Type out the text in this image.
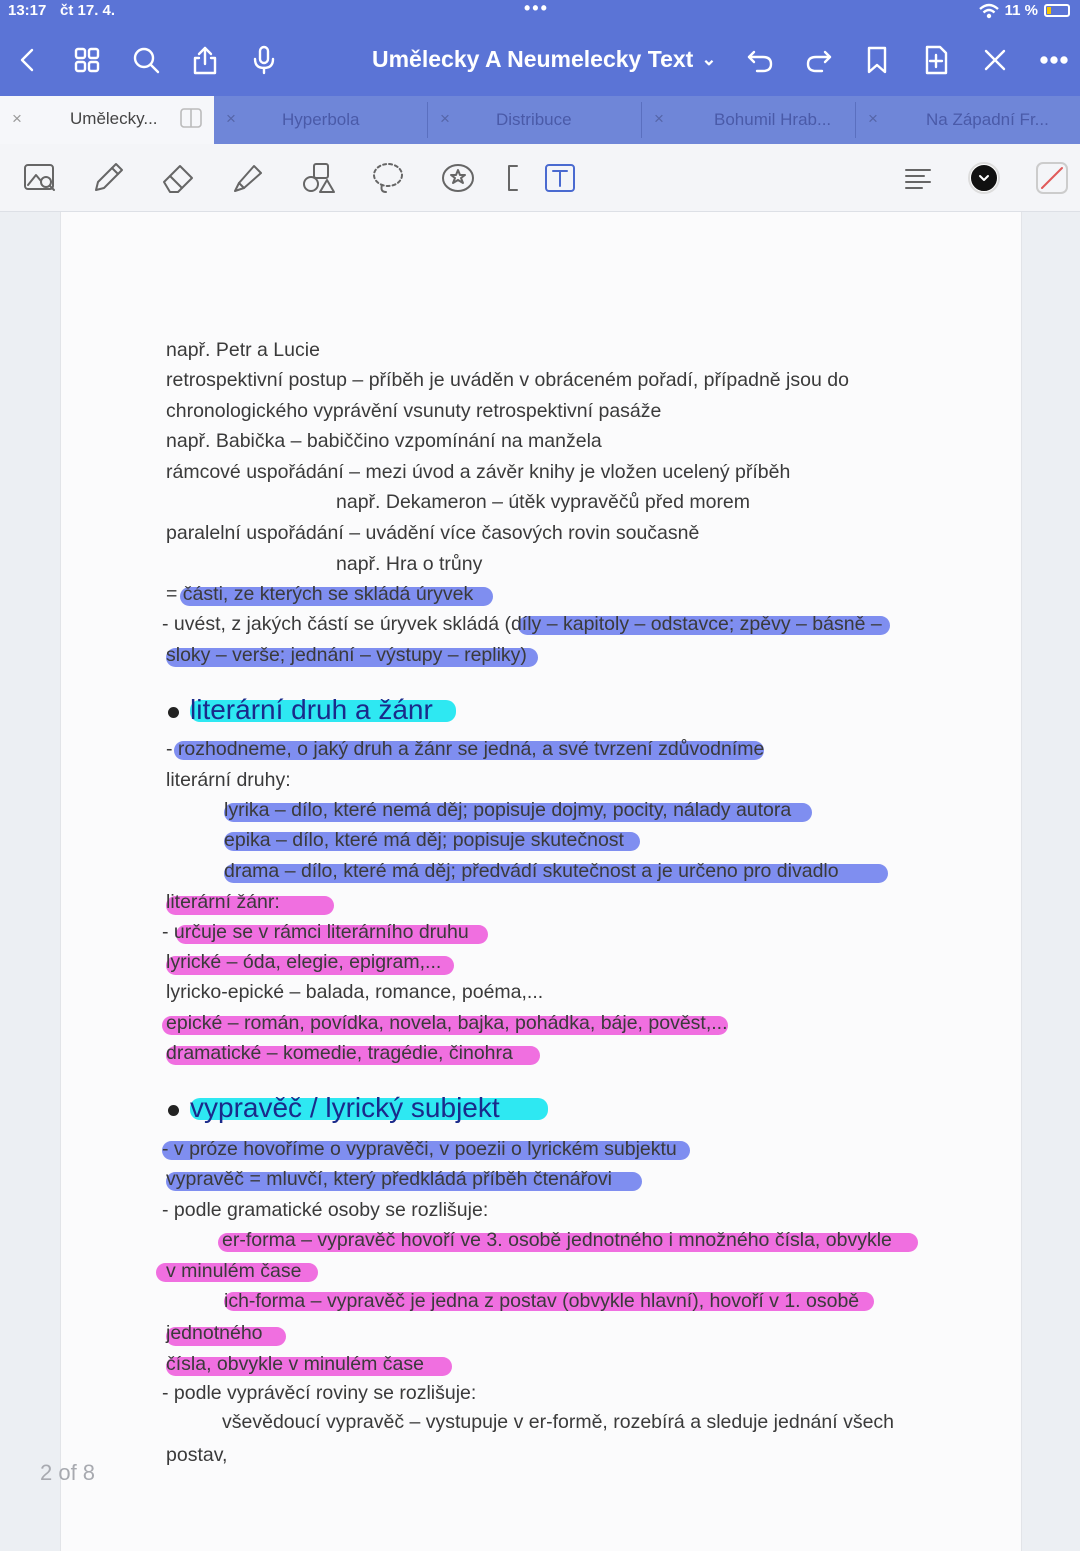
13:17 čt 17. 4.	•••	11 %
Umělecky A Neumelecky Text ⌄
×	Umělecky...	×	Hyperbola	×	Distribuce	×	Bohumil Hrab...	×	Na Západní Fr...
např. Petr a Lucie
retrospektivní postup – příběh je uváděn v obráceném pořadí, případně jsou do
chronologického vyprávění vsunuty retrospektivní pasáže
např. Babička – babiččino vzpomínání na manžela
rámcové uspořádání – mezi úvod a závěr knihy je vložen ucelený příběh
např. Dekameron – útěk vypravěčů před morem
paralelní uspořádání – uvádění více časových rovin současně
např. Hra o trůny
= části, ze kterých se skládá úryvek
- uvést, z jakých částí se úryvek skládá (díly – kapitoly – odstavce; zpěvy – básně –
sloky – verše; jednání – výstupy – repliky)
literární druh a žánr
- rozhodneme, o jaký druh a žánr se jedná, a své tvrzení zdůvodníme
literární druhy:
lyrika – dílo, které nemá děj; popisuje dojmy, pocity, nálady autora
epika – dílo, které má děj; popisuje skutečnost
drama – dílo, které má děj; předvádí skutečnost a je určeno pro divadlo
literární žánr:
- určuje se v rámci literárního druhu
lyrické – óda, elegie, epigram,...
lyricko-epické – balada, romance, poéma,...
epické – román, povídka, novela, bajka, pohádka, báje, pověst,...
dramatické – komedie, tragédie, činohra
vypravěč / lyrický subjekt
- v próze hovoříme o vypravěči, v poezii o lyrickém subjektu
vypravěč = mluvčí, který předkládá příběh čtenářovi
- podle gramatické osoby se rozlišuje:
er-forma – vypravěč hovoří ve 3. osobě jednotného i množného čísla, obvykle
v minulém čase
ich-forma – vypravěč je jedna z postav (obvykle hlavní), hovoří v 1. osobě
jednotného
čísla, obvykle v minulém čase
- podle vyprávěcí roviny se rozlišuje:
vševědoucí vypravěč – vystupuje v er-formě, rozebírá a sleduje jednání všech
postav,
2 of 8
